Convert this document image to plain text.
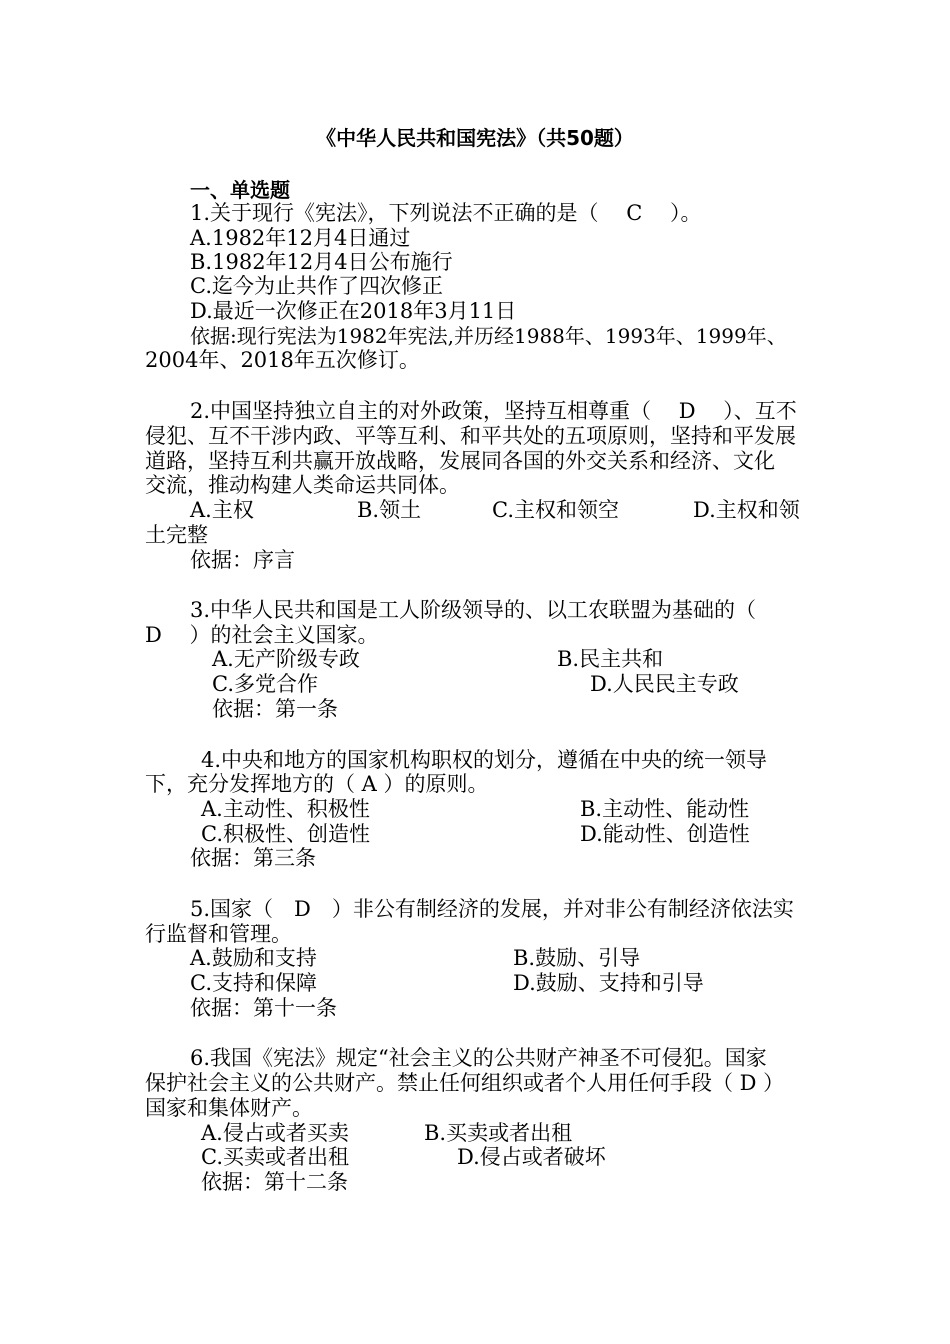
《中华人民共和国宪法》（共50题）
一、单选题
1.关于现行《宪法》，下列说法不正确的是（　 C　 ）。
A.1982年12月4日通过
B.1982年12月4日公布施行
C.迄今为止共作了四次修正
D.最近一次修正在2018年3月11日
依据:现行宪法为1982年宪法,并历经1988年、1993年、1999年、
2004年、2018年五次修订。
2.中国坚持独立自主的对外政策，坚持互相尊重（　 D　 ）、互不
侵犯、互不干涉内政、平等互利、和平共处的五项原则，坚持和平发展
道路，坚持互利共赢开放战略，发展同各国的外交关系和经济、文化
交流，推动构建人类命运共同体。
A.主权	B.领土	C.主权和领空	D.主权和领
土完整
依据：序言
3.中华人民共和国是工人阶级领导的、以工农联盟为基础的（
D　 ）的社会主义国家。
A.无产阶级专政	B.民主共和
C.多党合作	D.人民民主专政
依据：第一条
4.中央和地方的国家机构职权的划分，遵循在中央的统一领导
下，充分发挥地方的（ A ）的原则。
A.主动性、积极性	B.主动性、能动性
C.积极性、创造性	D.能动性、创造性
依据：第三条
5.国家（　D　）非公有制经济的发展，并对非公有制经济依法实
行监督和管理。
A.鼓励和支持	B.鼓励、引导
C.支持和保障	D.鼓励、支持和引导
依据：第十一条
6.我国《宪法》规定“社会主义的公共财产神圣不可侵犯。国家
保护社会主义的公共财产。禁止任何组织或者个人用任何手段（ D ）
国家和集体财产。
A.侵占或者买卖	B.买卖或者出租
C.买卖或者出租	D.侵占或者破坏
依据：第十二条
